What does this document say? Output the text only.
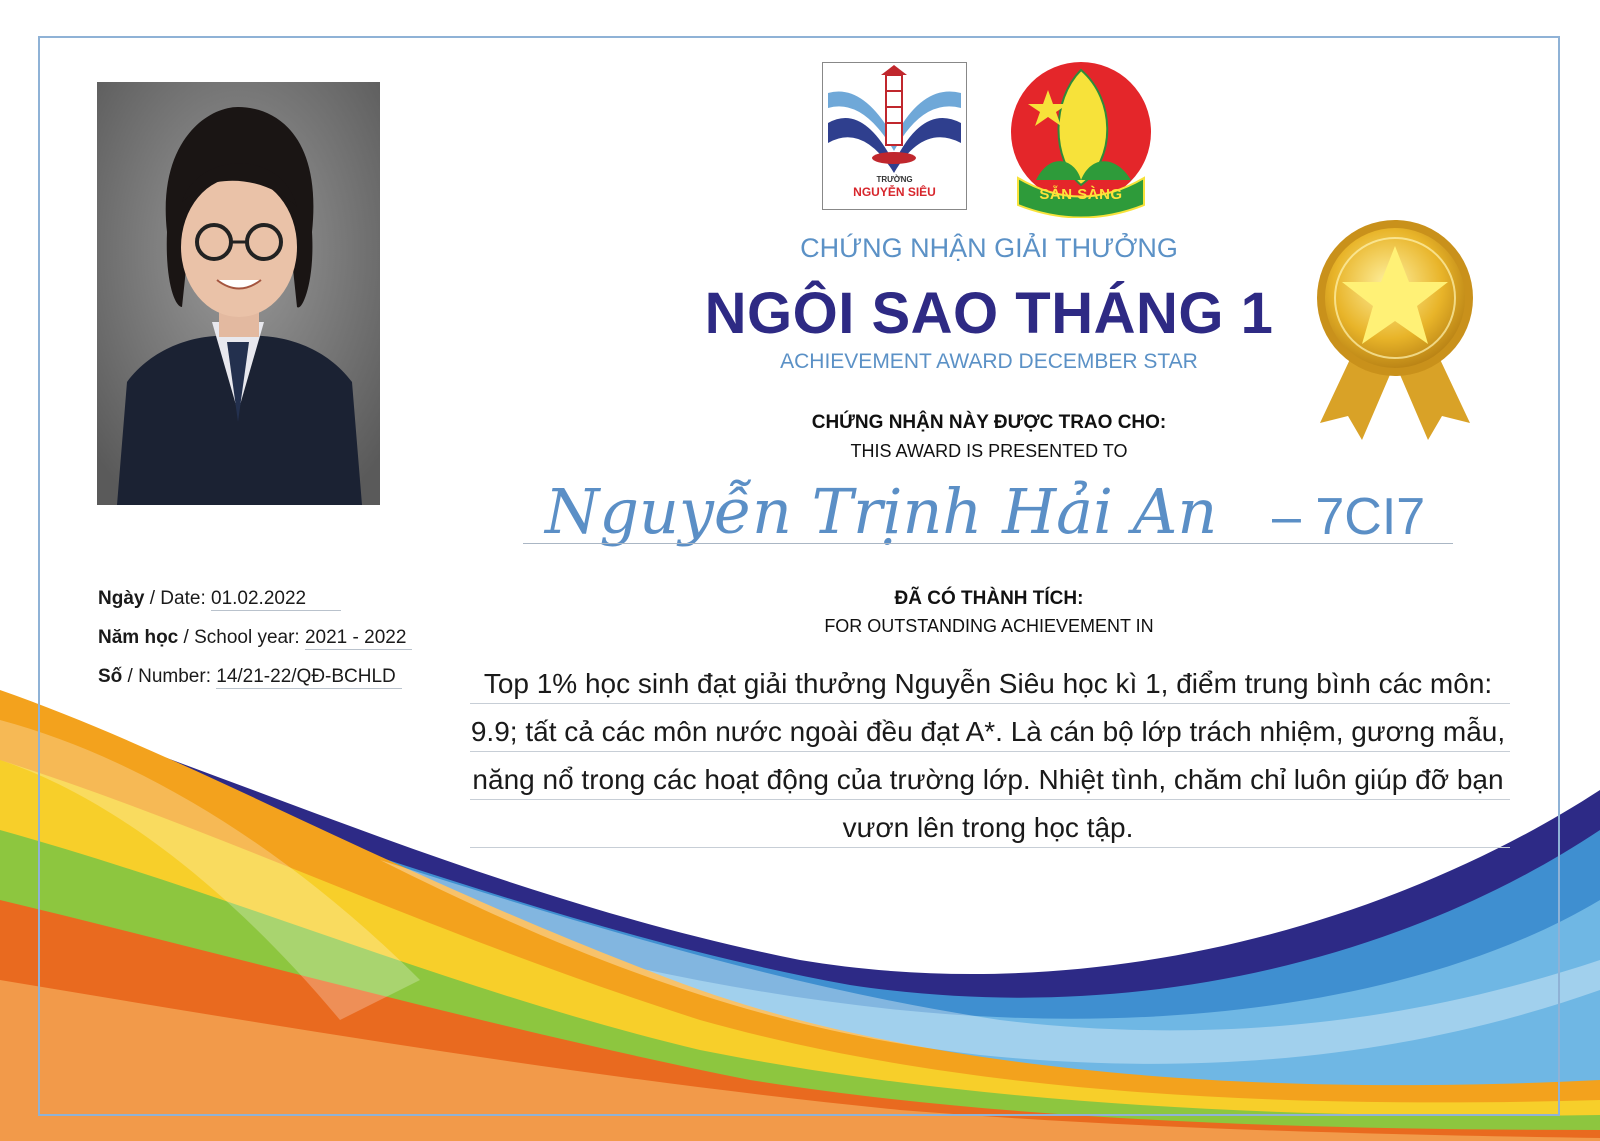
TRƯỜNG
NGUYỄN SIÊU	SẴN SÀNG
CHỨNG NHẬN GIẢI THƯỞNG
NGÔI SAO THÁNG 1
ACHIEVEMENT AWARD DECEMBER STAR
CHỨNG NHẬN NÀY ĐƯỢC TRAO CHO:
THIS AWARD IS PRESENTED TO
Nguyễn Trịnh Hải An – 7CI7
ĐÃ CÓ THÀNH TÍCH:
FOR OUTSTANDING ACHIEVEMENT IN
Top 1% học sinh đạt giải thưởng Nguyễn Siêu học kì 1, điểm trung bình các môn: 9.9; tất cả các môn nước ngoài đều đạt A*. Là cán bộ lớp trách nhiệm, gương mẫu, năng nổ trong các hoạt động của trường lớp. Nhiệt tình, chăm chỉ luôn giúp đỡ bạn vươn lên trong học tập.
Ngày / Date: 01.02.2022
Năm học / School year: 2021 - 2022
Số / Number: 14/21-22/QĐ-BCHLD
